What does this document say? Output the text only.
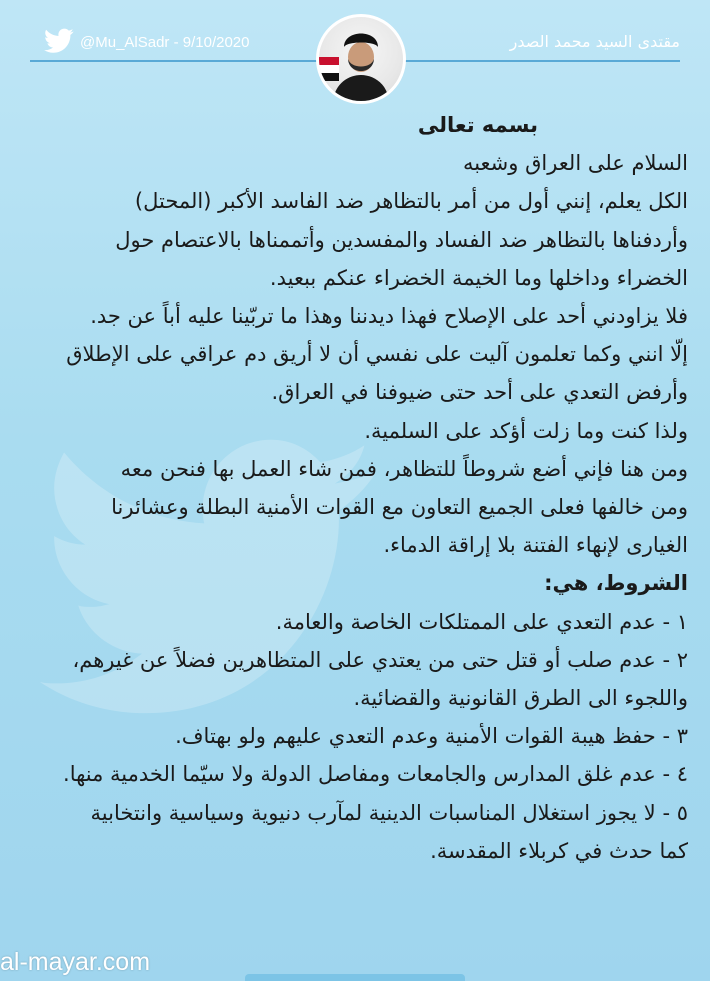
@Mu_AlSadr - 9/10/2020	مقتدى السيد محمد الصدر

بسمه تعالى

السلام على العراق وشعبه

الكل يعلم، إنني أول من أمر بالتظاهر ضد الفاسد الأكبر (المحتل)

وأردفناها بالتظاهر ضد الفساد والمفسدين وأتممناها بالاعتصام حول

الخضراء وداخلها وما الخيمة الخضراء عنكم ببعيد.

فلا يزاودني أحد على الإصلاح فهذا ديدننا وهذا ما تربّينا عليه أباً عن جد.

إلّا انني وكما تعلمون آليت على نفسي أن لا أريق دم عراقي على الإطلاق

وأرفض التعدي على أحد حتى ضيوفنا في العراق.

ولذا كنت وما زلت أؤكد على السلمية.

ومن هنا فإني أضع شروطاً للتظاهر، فمن شاء العمل بها فنحن معه

ومن خالفها فعلى الجميع التعاون مع القوات الأمنية البطلة وعشائرنا

الغيارى لإنهاء الفتنة بلا إراقة الدماء.

الشروط، هي:

١ - عدم التعدي على الممتلكات الخاصة والعامة.

٢ - عدم صلب أو قتل حتى من يعتدي على المتظاهرين فضلاً عن غيرهم،

واللجوء الى الطرق القانونية والقضائية.

٣ - حفظ هيبة القوات الأمنية وعدم التعدي عليهم ولو بهتاف.

٤ - عدم غلق المدارس والجامعات ومفاصل الدولة ولا سيّما الخدمية منها.

٥ - لا يجوز استغلال المناسبات الدينية لمآرب دنيوية وسياسية وانتخابية

كما حدث في كربلاء المقدسة.

al-mayar.com
